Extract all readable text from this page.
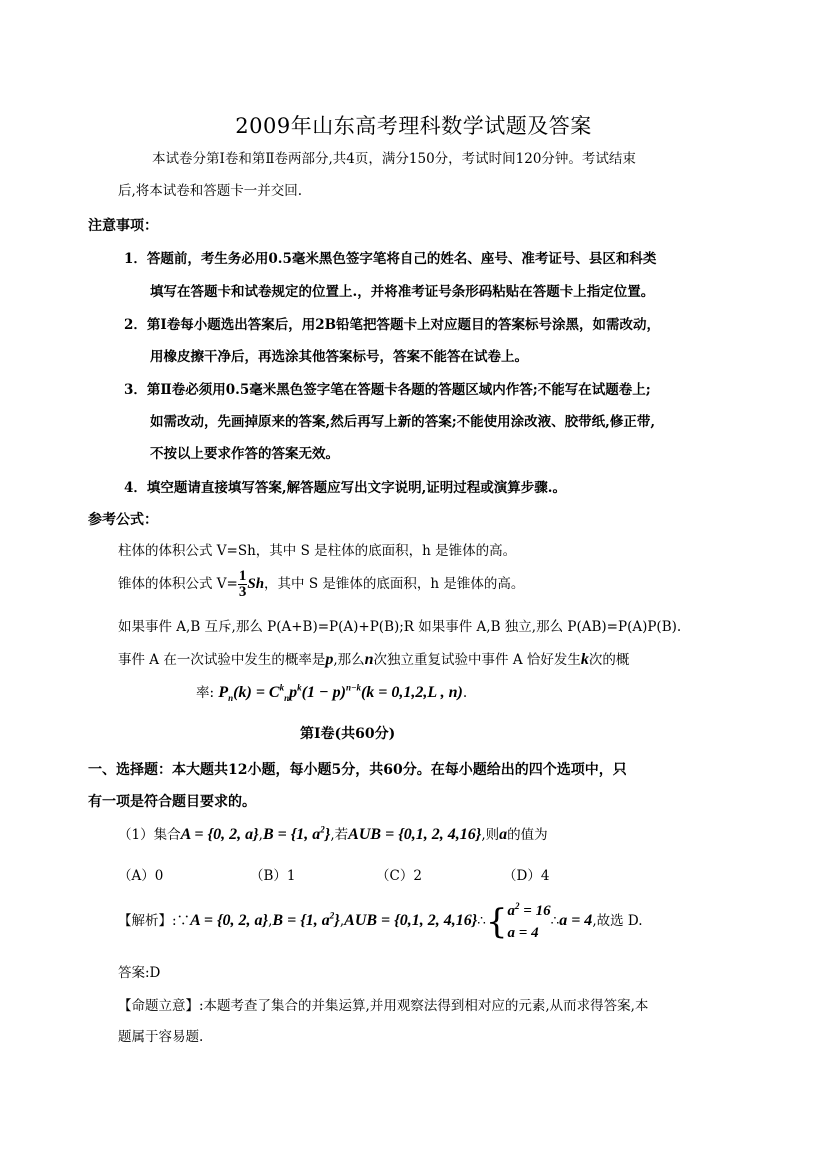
2009年山东高考理科数学试题及答案
本试卷分第Ⅰ卷和第Ⅱ卷两部分,共4页，满分150分，考试时间120分钟。考试结束
后,将本试卷和答题卡一并交回.
注意事项：
1．答题前，考生务必用0.5毫米黑色签字笔将自己的姓名、座号、准考证号、县区和科类
填写在答题卡和试卷规定的位置上.，并将准考证号条形码粘贴在答题卡上指定位置。
2．第Ⅰ卷每小题选出答案后，用2B铅笔把答题卡上对应题目的答案标号涂黑，如需改动，
用橡皮擦干净后，再选涂其他答案标号，答案不能答在试卷上。
3．第Ⅱ卷必须用0.5毫米黑色签字笔在答题卡各题的答题区域内作答;不能写在试题卷上;
如需改动，先画掉原来的答案,然后再写上新的答案;不能使用涂改液、胶带纸,修正带,
不按以上要求作答的答案无效。
4．填空题请直接填写答案,解答题应写出文字说明,证明过程或演算步骤.。
参考公式：
柱体的体积公式 V=Sh，其中 S 是柱体的底面积，h 是锥体的高。
锥体的体积公式 $V= \frac{1}{3}$ Sh，其中 S 是锥体的底面积，h 是锥体的高。
如果事件 A,B 互斥,那么 P(A+B)=P(A)+P(B);R 如果事件 A,B 独立,那么 P(AB)=P(A)P(B).
事件 A 在一次试验中发生的概率是p,那么n次独立重复试验中事件 A 恰好发生k次的概
率: $P_n(k) = C^k_np^k(1 - p)^{n-k}(k = 0,1,2,L$ , n).
第Ⅰ卷(共60分)
一、选择题：本大题共12小题，每小题5分，共60分。在每小题给出的四个选项中，只
有一项是符合题目要求的。
（1）集合A = {0, 2, a},B = {1, $a^2$},若AUB = {0,1, 2, 4,16},则a的值为
（A）0	（B）1	（C）2	（D）4
【解析】:∵A = {0, 2, a},B = {1, $a^2\},AUB = \{0,1$, 2, 4,16}∴{ $a^2 = 16$
a = 4
∴a = 4,故选 D.
答案:D
【命题立意】:本题考查了集合的并集运算,并用观察法得到相对应的元素,从而求得答案,本
题属于容易题.
